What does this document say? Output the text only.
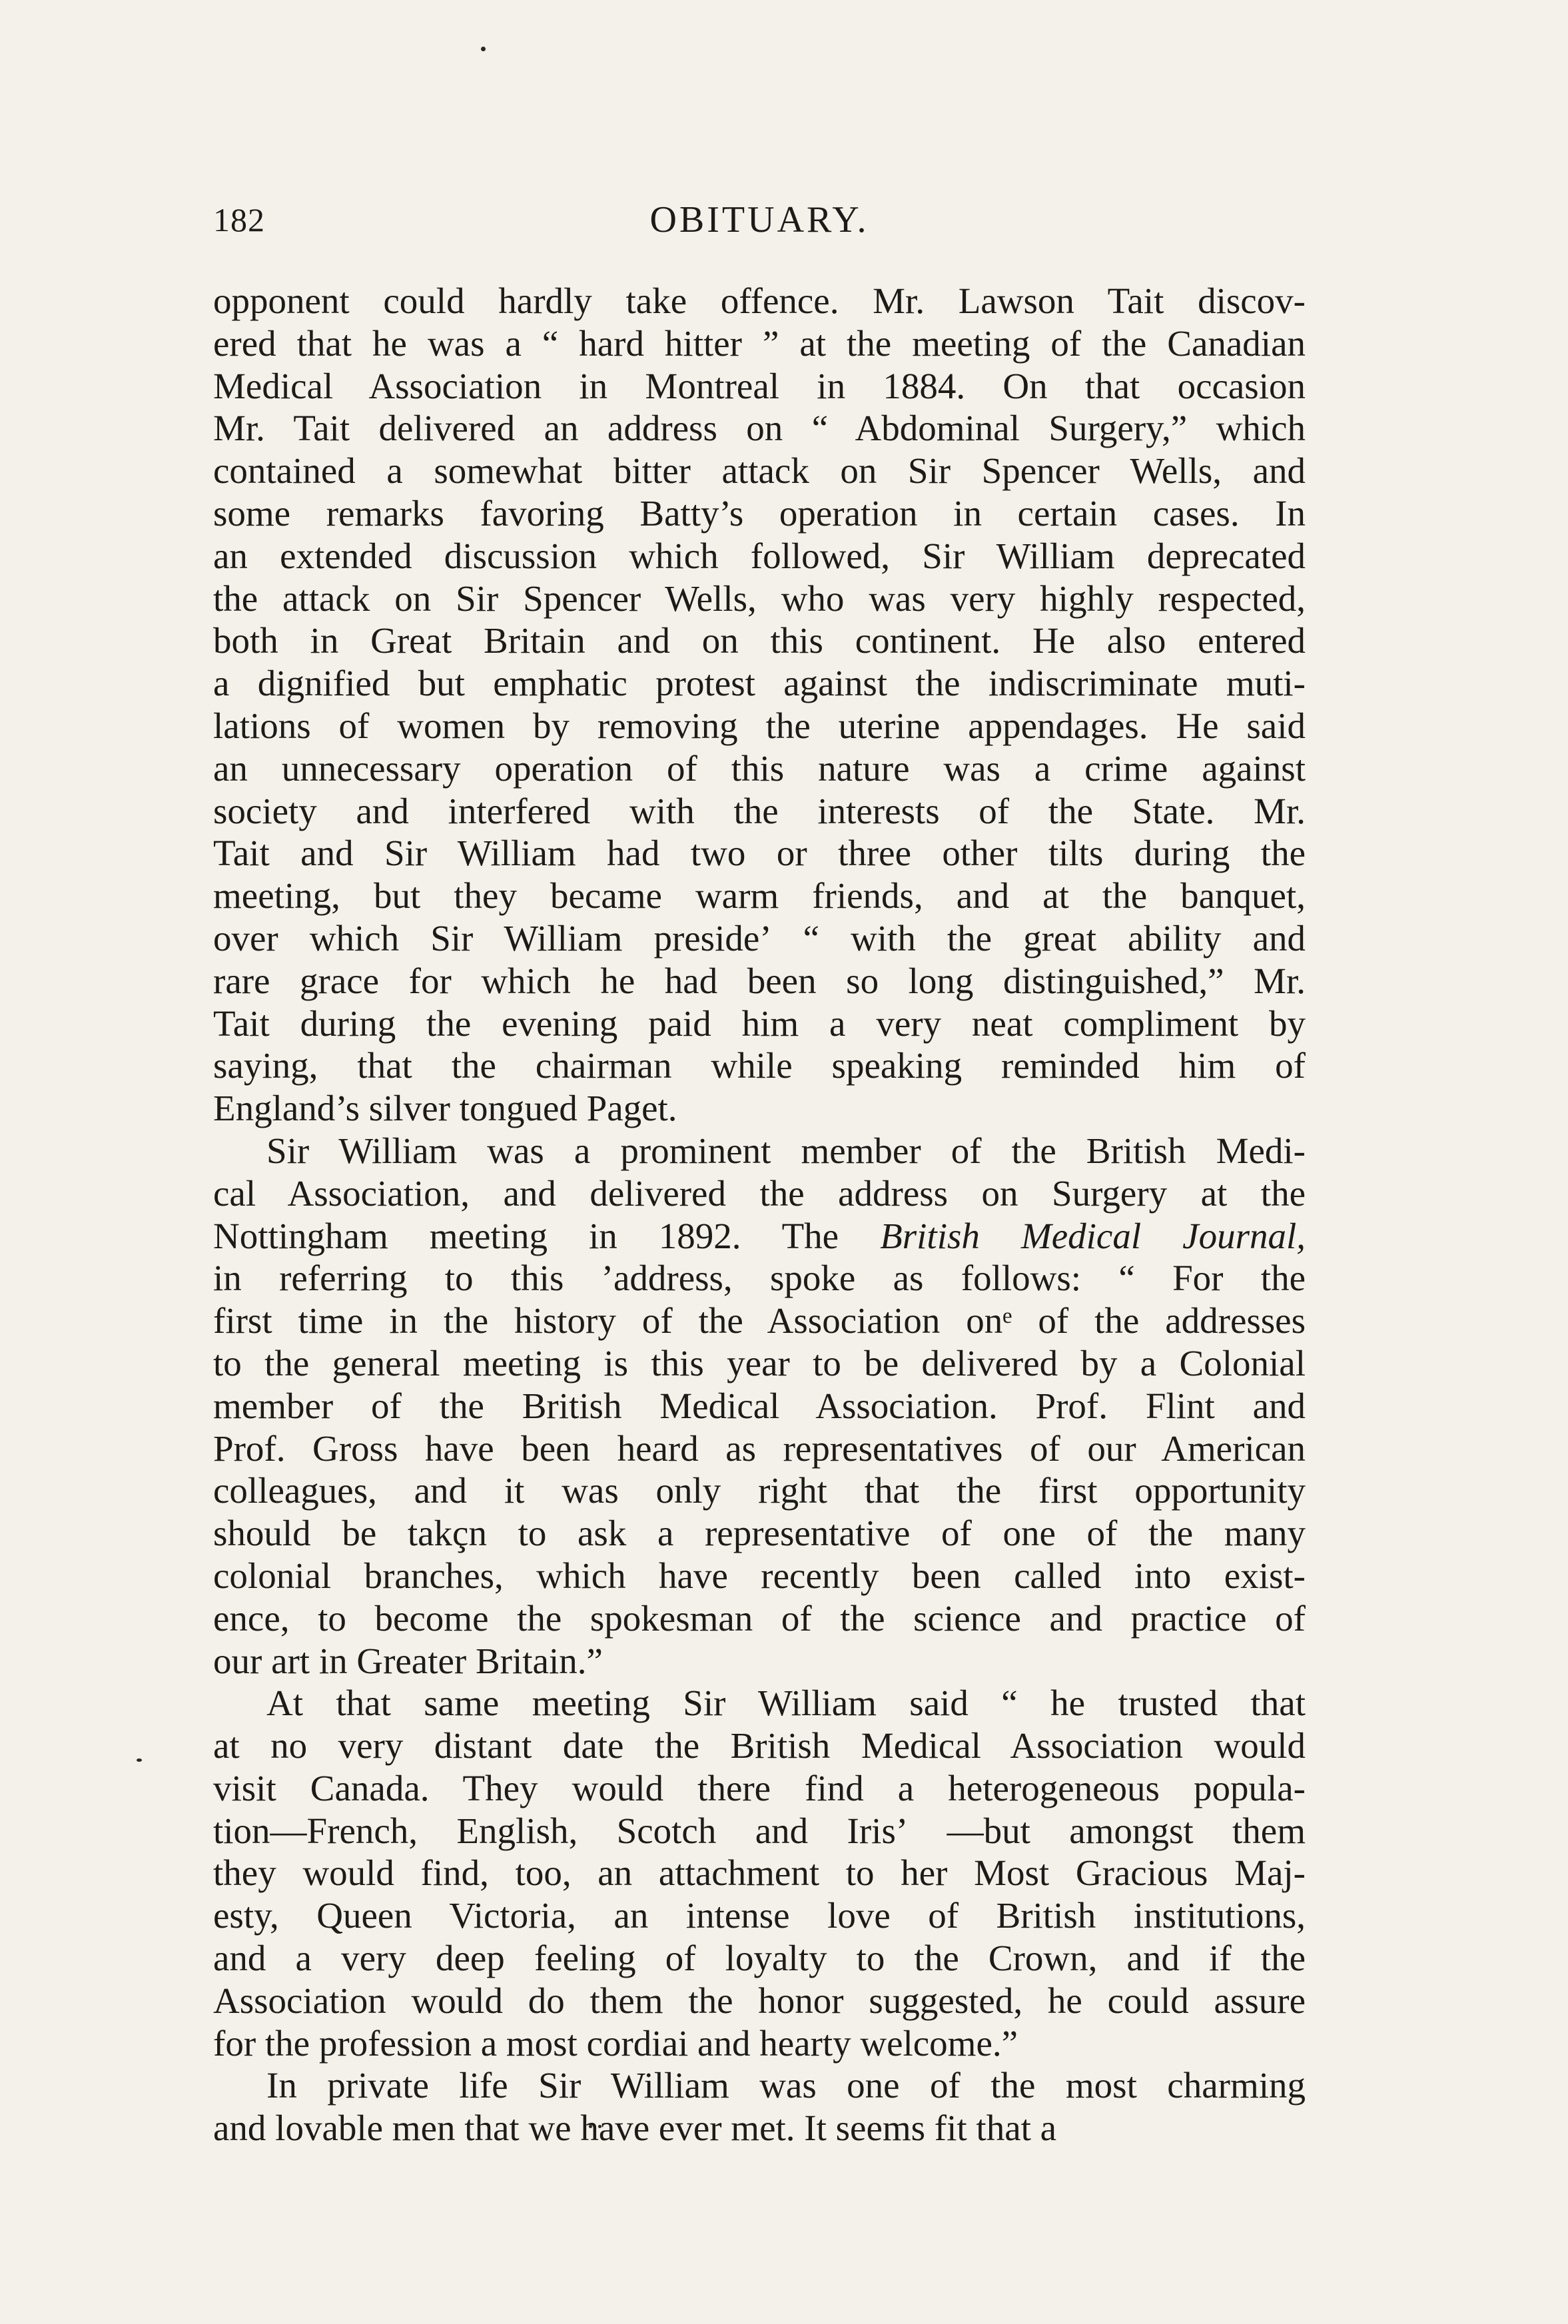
182	OBITUARY.
opponent could hardly take offence. Mr. Lawson Tait discov-
ered that he was a “ hard hitter ” at the meeting of the Canadian
Medical Association in Montreal in 1884. On that occasion
Mr. Tait delivered an address on “ Abdominal Surgery,” which
contained a somewhat bitter attack on Sir Spencer Wells, and
some remarks favoring Batty’s operation in certain cases. In
an extended discussion which followed, Sir William deprecated
the attack on Sir Spencer Wells, who was very highly respected,
both in Great Britain and on this continent. He also entered
a dignified but emphatic protest against the indiscriminate muti-
lations of women by removing the uterine appendages. He said
an unnecessary operation of this nature was a crime against
society and interfered with the interests of the State. Mr.
Tait and Sir William had two or three other tilts during the
meeting, but they became warm friends, and at the banquet,
over which Sir William presideʼ “ with the great ability and
rare grace for which he had been so long distinguished,” Mr.
Tait during the evening paid him a very neat compliment by
saying, that the chairman while speaking reminded him of
England’s silver tongued Paget.
Sir William was a prominent member of the British Medi-
cal Association, and delivered the address on Surgery at the
Nottingham meeting in 1892. The British Medical Journal,
in referring to this ʼaddress, spoke as follows: “ For the
first time in the history of the Association onᵉ of the addresses
to the general meeting is this year to be delivered by a Colonial
member of the British Medical Association. Prof. Flint and
Prof. Gross have been heard as representatives of our American
colleagues, and it was only right that the first opportunity
should be takçn to ask a representative of one of the many
colonial branches, which have recently been called into exist-
ence, to become the spokesman of the science and practice of
our art in Greater Britain.”
At that same meeting Sir William said “ he trusted that
at no very distant date the British Medical Association would
visit Canada. They would there find a heterogeneous popula-
tion—French, English, Scotch and Irisʼ —but amongst them
they would find, too, an attachment to her Most Gracious Maj-
esty, Queen Victoria, an intense love of British institutions,
and a very deep feeling of loyalty to the Crown, and if the
Association would do them the honor suggested, he could assure
for the profession a most cordiai and hearty welcome.”
In private life Sir William was one of the most charming
and lovable men that we have ever met. It seems fit that a
